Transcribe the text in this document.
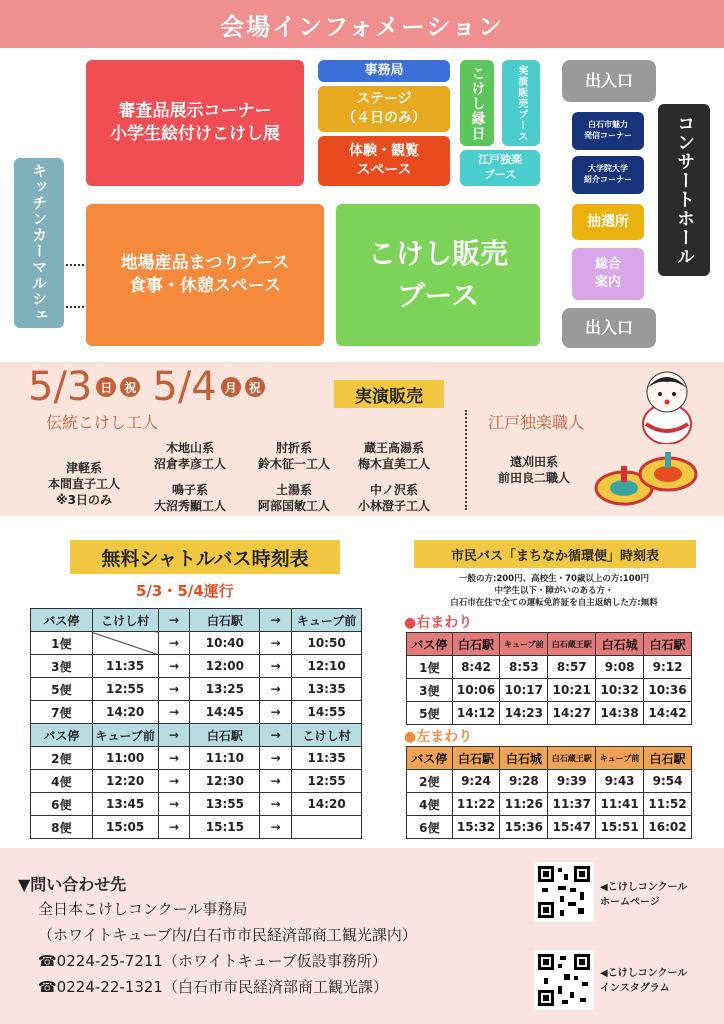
会場インフォメーション
審査品展示コーナー
小学生絵付けこけし展
事務局
ステージ
（４日のみ）
体験・観覧
スペース
こけし縁日	実演販売ブース
江戸独楽
ブース
キッチンカーマルシェ	地場産品まつりブース
食事・休憩スペース
こけし販売
ブース
出入口
白石市魅力
発信コーナー
大学院大学
紹介コーナー
抽選所
総合
案内
出入口
コンサートホール
5/3 日 祝 5/4 月 祝	実演販売
伝統こけし工人	江戸独楽職人
津軽系
本間直子工人
※3日のみ
木地山系
沼倉孝彦工人
鳴子系
大沼秀顯工人
肘折系
鈴木征一工人
土湯系
阿部国敏工人
蔵王高湯系
梅木直美工人
中ノ沢系
小林澄子工人
遠刈田系
前田良二職人
無料シャトルバス時刻表
5/3・5/4運行
バス停	こけし村	→	白石駅	→	キューブ前
1便		→	10:40	→	10:50
3便	11:35	→	12:00	→	12:10
5便	12:55	→	13:25	→	13:35
7便	14:20	→	14:45	→	14:55
バス停	キューブ前	→	白石駅	→	こけし村
2便	11:00	→	11:10	→	11:35
4便	12:20	→	12:30	→	12:55
6便	13:45	→	13:55	→	14:20
8便	15:05	→	15:15	→	
市民バス「まちなか循環便」時刻表
一般の方:200円、高校生・70歳以上の方:100円
中学生以下・障がいのある方・
白石市在住で全ての運転免許証を自主返納した方:無料
●右まわり
バス停	白石駅	キューブ前	白石蔵王駅	白石城	白石駅
1便	8:42	8:53	8:57	9:08	9:12
3便	10:06	10:17	10:21	10:32	10:36
5便	14:12	14:23	14:27	14:38	14:42
●左まわり
バス停	白石駅	白石城	白石蔵王駅	キューブ前	白石駅
2便	9:24	9:28	9:39	9:43	9:54
4便	11:22	11:26	11:37	11:41	11:52
6便	15:32	15:36	15:47	15:51	16:02
▼問い合わせ先
全日本こけしコンクール事務局
（ホワイトキューブ内/白石市市民経済部商工観光課内）
☎0224-25-7211（ホワイトキューブ仮設事務所）
☎0224-22-1321（白石市市民経済部商工観光課）
◀こけしコンクール
ホームページ
◀こけしコンクール
インスタグラム
